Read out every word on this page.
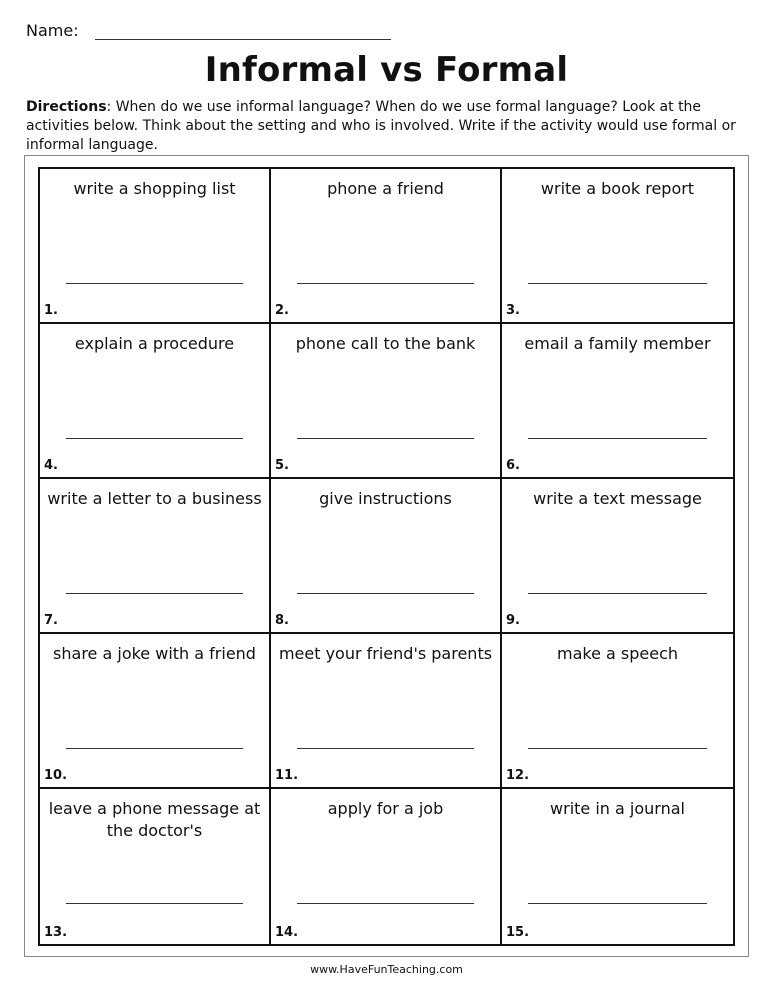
Name:
Informal vs Formal
Directions: When do we use informal language? When do we use formal language? Look at the activities below. Think about the setting and who is involved. Write if the activity would use formal or informal language.
write a shopping list
1.
phone a friend
2.
write a book report
3.
explain a procedure
4.
phone call to the bank
5.
email a family member
6.
write a letter to a business
7.
give instructions
8.
write a text message
9.
share a joke with a friend
10.
meet your friend's parents
11.
make a speech
12.
leave a phone message at the doctor's
13.
apply for a job
14.
write in a journal
15.
www.HaveFunTeaching.com
